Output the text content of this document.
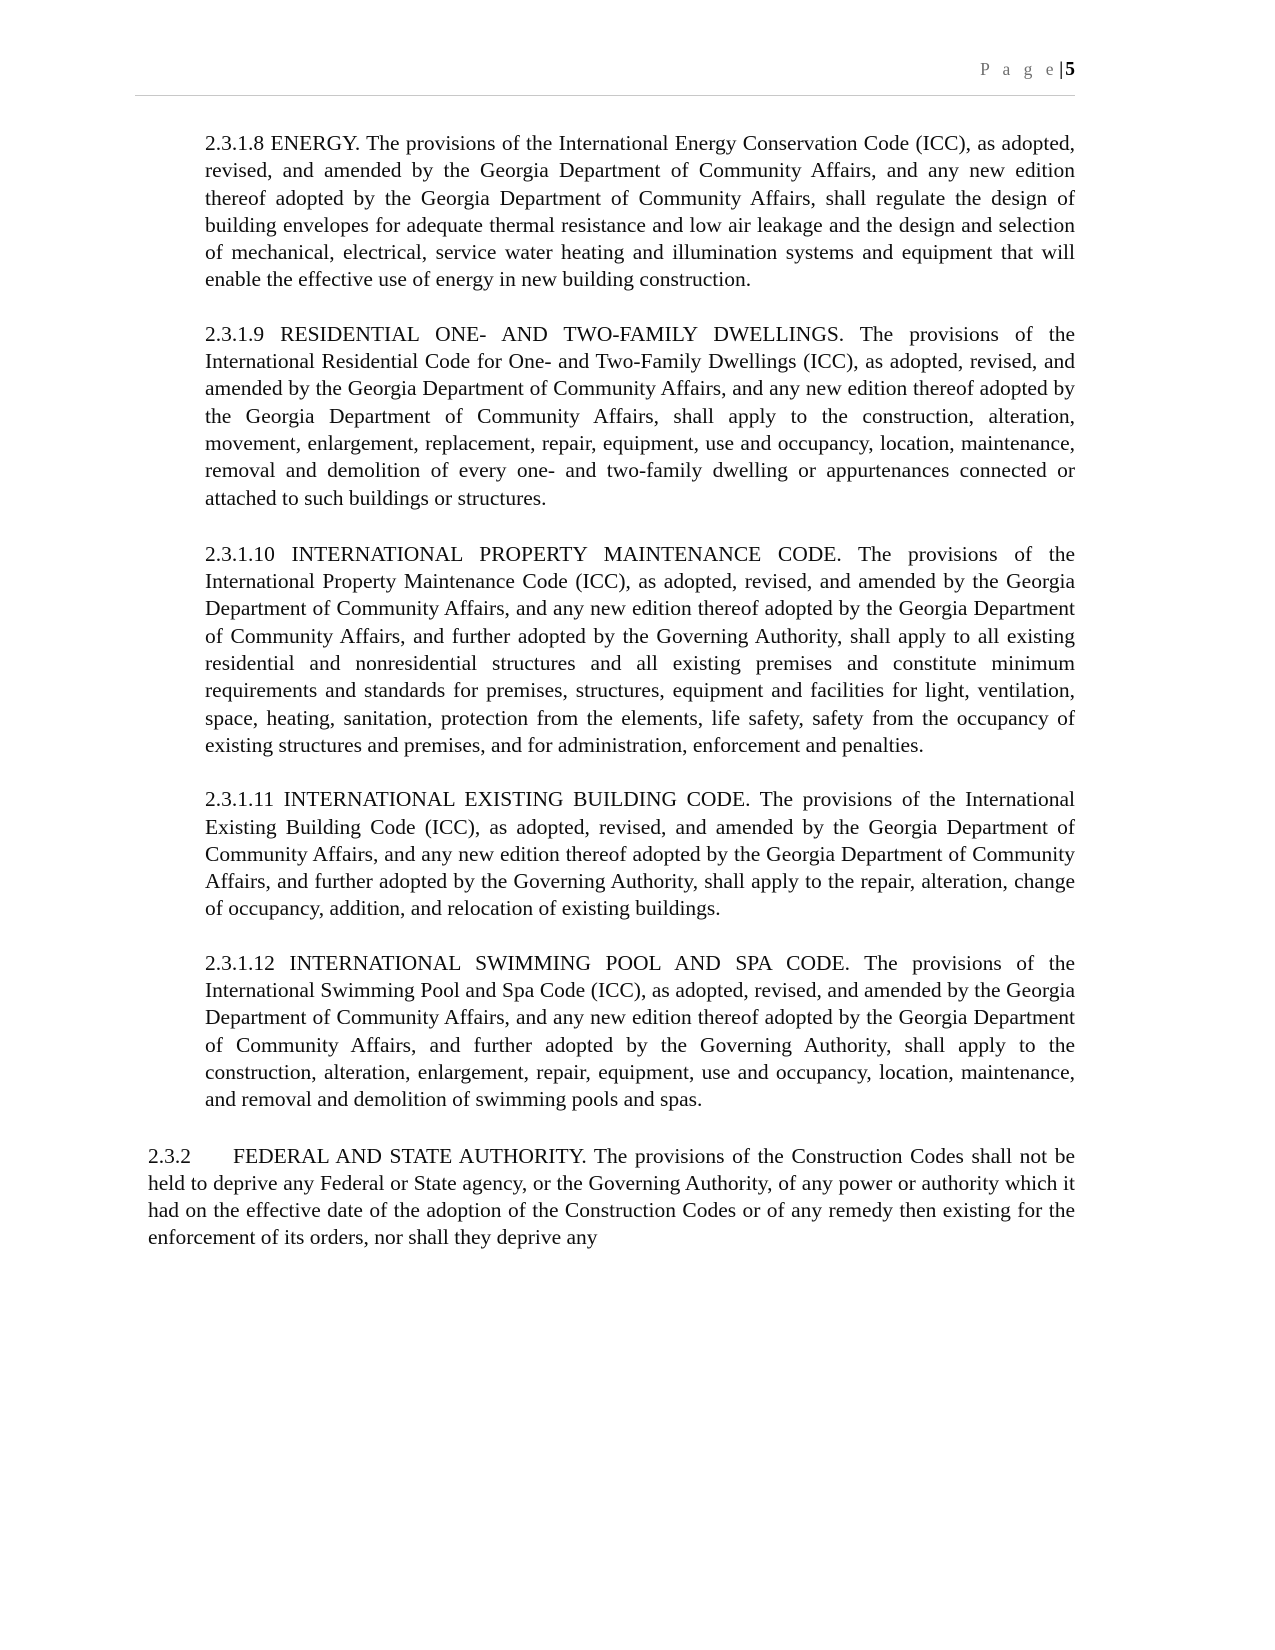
P a g e| 5

2.3.1.8 ENERGY. The provisions of the International Energy Conservation Code (ICC), as adopted, revised, and amended by the Georgia Department of Community Affairs, and any new edition thereof adopted by the Georgia Department of Community Affairs, shall regulate the design of building envelopes for adequate thermal resistance and low air leakage and the design and selection of mechanical, electrical, service water heating and illumination systems and equipment that will enable the effective use of energy in new building construction.

2.3.1.9 RESIDENTIAL ONE- AND TWO-FAMILY DWELLINGS. The provisions of the International Residential Code for One- and Two-Family Dwellings (ICC), as adopted, revised, and amended by the Georgia Department of Community Affairs, and any new edition thereof adopted by the Georgia Department of Community Affairs, shall apply to the construction, alteration, movement, enlargement, replacement, repair, equipment, use and occupancy, location, maintenance, removal and demolition of every one- and two-family dwelling or appurtenances connected or attached to such buildings or structures.

2.3.1.10 INTERNATIONAL PROPERTY MAINTENANCE CODE. The provisions of the International Property Maintenance Code (ICC), as adopted, revised, and amended by the Georgia Department of Community Affairs, and any new edition thereof adopted by the Georgia Department of Community Affairs, and further adopted by the Governing Authority, shall apply to all existing residential and nonresidential structures and all existing premises and constitute minimum requirements and standards for premises, structures, equipment and facilities for light, ventilation, space, heating, sanitation, protection from the elements, life safety, safety from the occupancy of existing structures and premises, and for administration, enforcement and penalties.

2.3.1.11 INTERNATIONAL EXISTING BUILDING CODE. The provisions of the International Existing Building Code (ICC), as adopted, revised, and amended by the Georgia Department of Community Affairs, and any new edition thereof adopted by the Georgia Department of Community Affairs, and further adopted by the Governing Authority, shall apply to the repair, alteration, change of occupancy, addition, and relocation of existing buildings.

2.3.1.12 INTERNATIONAL SWIMMING POOL AND SPA CODE. The provisions of the International Swimming Pool and Spa Code (ICC), as adopted, revised, and amended by the Georgia Department of Community Affairs, and any new edition thereof adopted by the Georgia Department of Community Affairs, and further adopted by the Governing Authority, shall apply to the construction, alteration, enlargement, repair, equipment, use and occupancy, location, maintenance, and removal and demolition of swimming pools and spas.

2.3.2 FEDERAL AND STATE AUTHORITY. The provisions of the Construction Codes shall not be held to deprive any Federal or State agency, or the Governing Authority, of any power or authority which it had on the effective date of the adoption of the Construction Codes or of any remedy then existing for the enforcement of its orders, nor shall they deprive any
